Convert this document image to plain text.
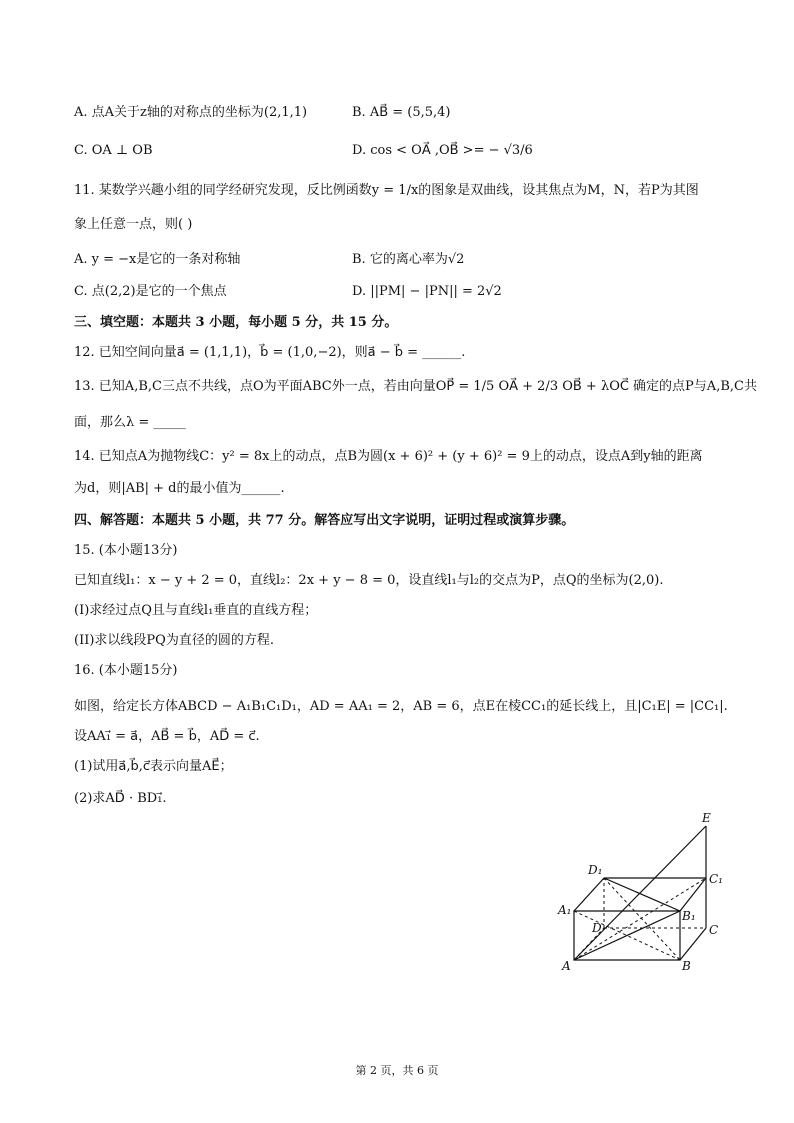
A. 点A关于z轴的对称点的坐标为(2,1,1)	B. AB⃗ = (5,5,4)
C. OA ⊥ OB	D. cos < OA⃗ ,OB⃗ >= − √3/6
11. 某数学兴趣小组的同学经研究发现，反比例函数y = 1/x的图象是双曲线，设其焦点为M，N，若P为其图
象上任意一点，则( )
A. y = −x是它的一条对称轴	B. 它的离心率为√2
C. 点(2,2)是它的一个焦点	D. ||PM| − |PN|| = 2√2
三、填空题：本题共 3 小题，每小题 5 分，共 15 分。
12. 已知空间向量a⃗ = (1,1,1)，b⃗ = (1,0,−2)，则a⃗ − b⃗ = ______.
13. 已知A,B,C三点不共线，点O为平面ABC外一点，若由向量OP⃗ = 1/5 OA⃗ + 2/3 OB⃗ + λOC⃗ 确定的点P与A,B,C共
面，那么λ = _____
14. 已知点A为抛物线C：y² = 8x上的动点，点B为圆(x + 6)² + (y + 6)² = 9上的动点，设点A到y轴的距离
为d，则|AB| + d的最小值为______.
四、解答题：本题共 5 小题，共 77 分。解答应写出文字说明，证明过程或演算步骤。
15. (本小题13分)
已知直线l₁：x − y + 2 = 0，直线l₂：2x + y − 8 = 0，设直线l₁与l₂的交点为P，点Q的坐标为(2,0).
(I)求经过点Q且与直线l₁垂直的直线方程；
(II)求以线段PQ为直径的圆的方程.
16. (本小题15分)
如图，给定长方体ABCD − A₁B₁C₁D₁，AD = AA₁ = 2，AB = 6，点E在棱CC₁的延长线上，且|C₁E| = |CC₁|.
设AA₁⃗ = a⃗，AB⃗ = b⃗，AD⃗ = c⃗.
(1)试用a⃗,b⃗,c⃗表示向量AE⃗；
(2)求AD⃗ · BD₁⃗.
E
D₁
C₁
A₁	B₁
D	C
A	B
第 2 页，共 6 页
